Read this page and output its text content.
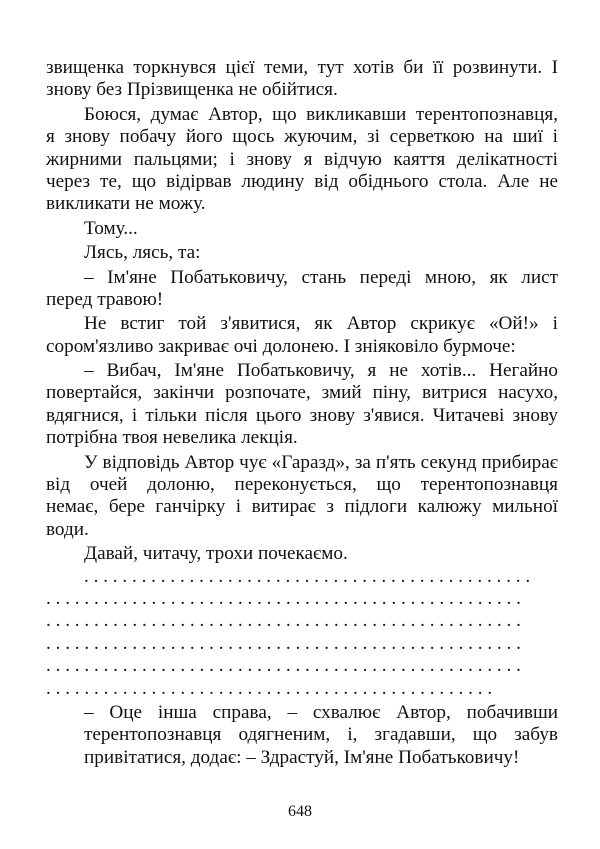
звищенка торкнувся цієї теми, тут хотів би її розвинути. І
знову без Прізвищенка не обійтися.
Боюся, думає Автор, що викликавши терентопознавця,
я знову побачу його щось жуючим, зі серветкою на шиї і
жирними пальцями; і знову я відчую каяття делікатності
через те, що відірвав людину від обіднього стола. Але не
викликати не можу.
Тому...
Лясь, лясь, та:
– Ім'яне Побатьковичу, стань переді мною, як лист
перед травою!
Не встиг той з'явитися, як Автор скрикує «Ой!» і
сором'язливо закриває очі долонею. І зніяковіло бурмоче:
– Вибач, Ім'яне Побатьковичу, я не хотів... Негайно
повертайся, закінчи розпочате, змий піну, витрися насухо,
вдягнися, і тільки після цього знову з'явися. Читачеві знову
потрібна твоя невелика лекція.
У відповідь Автор чує «Гаразд», за п'ять секунд прибирає
від очей долоню, переконується, що терентопознавця
немає, бере ганчірку і витирає з підлоги калюжу мильної
води.
Давай, читачу, трохи почекаємо.
. . . . . . . . . . . . . . . . . . . . . . . . . . . . . . . . . . . . . . . . . . . . . . .
. . . . . . . . . . . . . . . . . . . . . . . . . . . . . . . . . . . . . . . . . . . . . . . . . .
. . . . . . . . . . . . . . . . . . . . . . . . . . . . . . . . . . . . . . . . . . . . . . . . . .
. . . . . . . . . . . . . . . . . . . . . . . . . . . . . . . . . . . . . . . . . . . . . . . . . .
. . . . . . . . . . . . . . . . . . . . . . . . . . . . . . . . . . . . . . . . . . . . . . . . . .
. . . . . . . . . . . . . . . . . . . . . . . . . . . . . . . . . . . . . . . . . . . . . . .
– Оце інша справа, – схвалює Автор, побачивши терентопознавця одягненим, і, згадавши, що забув привітатися, додає: – Здрастуй, Ім'яне Побатьковичу!
648
